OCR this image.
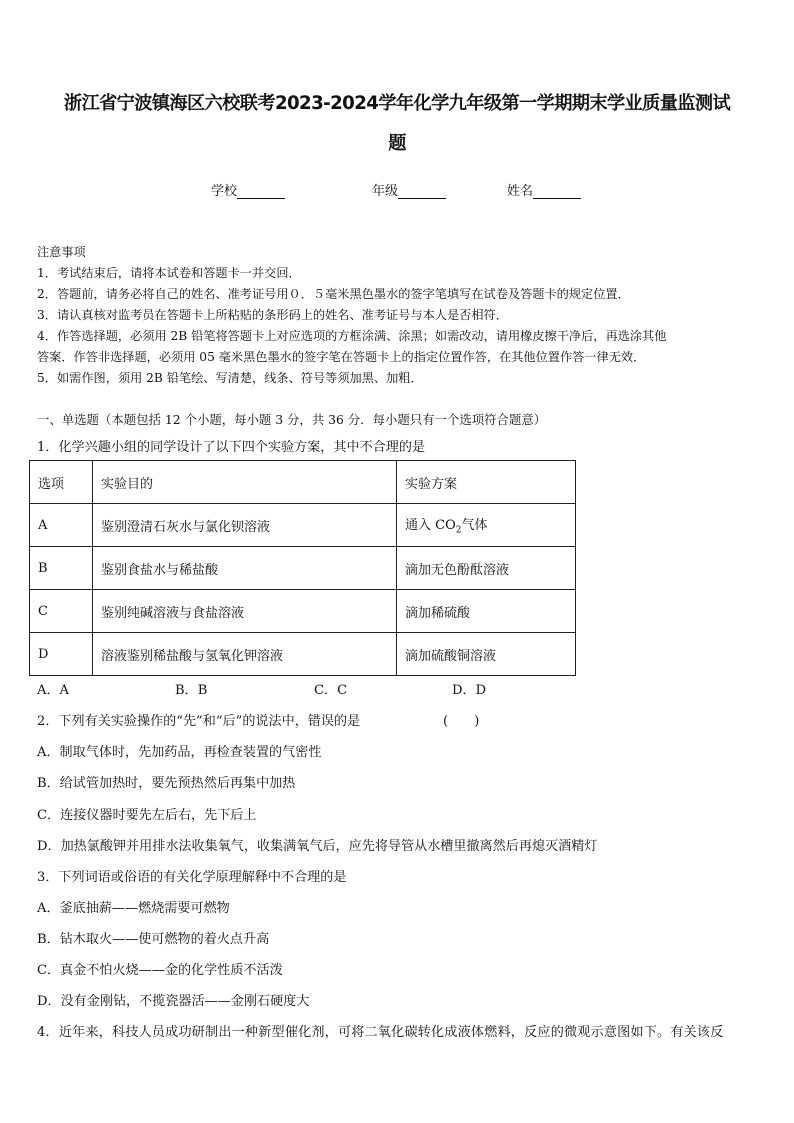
浙江省宁波镇海区六校联考2023-2024学年化学九年级第一学期期末学业质量监测试
题
学校	年级	姓名
注意事项
1．考试结束后，请将本试卷和答题卡一并交回．
2．答题前，请务必将自己的姓名、准考证号用０．５毫米黑色墨水的签字笔填写在试卷及答题卡的规定位置．
3．请认真核对监考员在答题卡上所粘贴的条形码上的姓名、准考证号与本人是否相符．
4．作答选择题，必须用 2B 铅笔将答题卡上对应选项的方框涂满、涂黑；如需改动，请用橡皮擦干净后，再选涂其他
答案．作答非选择题，必须用 05 毫米黑色墨水的签字笔在答题卡上的指定位置作答，在其他位置作答一律无效．
5．如需作图，须用 2B 铅笔绘、写清楚，线条、符号等须加黑、加粗．
一、单选题（本题包括 12 个小题，每小题 3 分，共 36 分．每小题只有一个选项符合题意）
1．化学兴趣小组的同学设计了以下四个实验方案，其中不合理的是
选项	实验目的	实验方案
A	鉴别澄清石灰水与氯化钡溶液	通入 $CO_2$气体
B	鉴别食盐水与稀盐酸	滴加无色酚酞溶液
C	鉴别纯碱溶液与食盐溶液	滴加稀硫酸
D	溶液鉴别稀盐酸与氢氧化钾溶液	滴加硫酸铜溶液
A．A	B．B	C．C	D．D
2．下列有关实验操作的“先”和“后”的说法中，错误的是	(　　)
A．制取气体时，先加药品，再检查装置的气密性
B．给试管加热时，要先预热然后再集中加热
C．连接仪器时要先左后右，先下后上
D．加热氯酸钾并用排水法收集氧气，收集满氧气后，应先将导管从水槽里撤离然后再熄灭酒精灯
3．下列词语或俗语的有关化学原理解释中不合理的是
A．釜底抽薪——燃烧需要可燃物
B．钻木取火——使可燃物的着火点升高
C．真金不怕火烧——金的化学性质不活泼
D．没有金刚钻，不揽瓷器活——金刚石硬度大
4．近年来，科技人员成功研制出一种新型催化剂，可将二氧化碳转化成液体燃料，反应的微观示意图如下。有关该反
